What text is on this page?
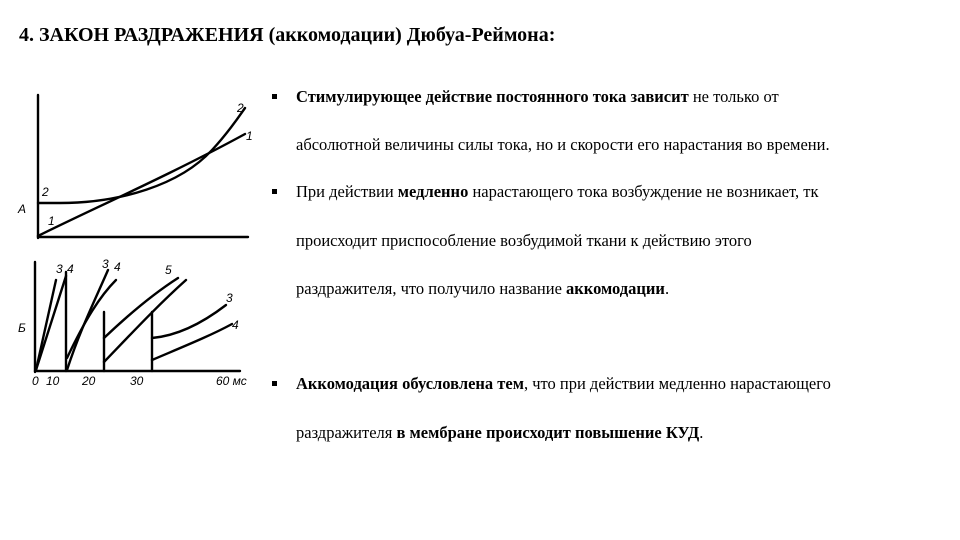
4. ЗАКОН РАЗДРАЖЕНИЯ (аккомодации) Дюбуа-Реймона:
А
2
1
2
1
Б
3 4 3 4	5
3
4
0 10 20	30	60 мс
Стимулирующее действие постоянного тока зависит не только от
абсолютной величины силы тока, но и скорости его нарастания во времени.
При действии медленно нарастающего тока возбуждение не возникает, тк
происходит приспособление возбудимой ткани к действию этого
раздражителя, что получило название аккомодации.
Аккомодация обусловлена тем, что при действии медленно нарастающего
раздражителя в мембране происходит повышение КУД.
